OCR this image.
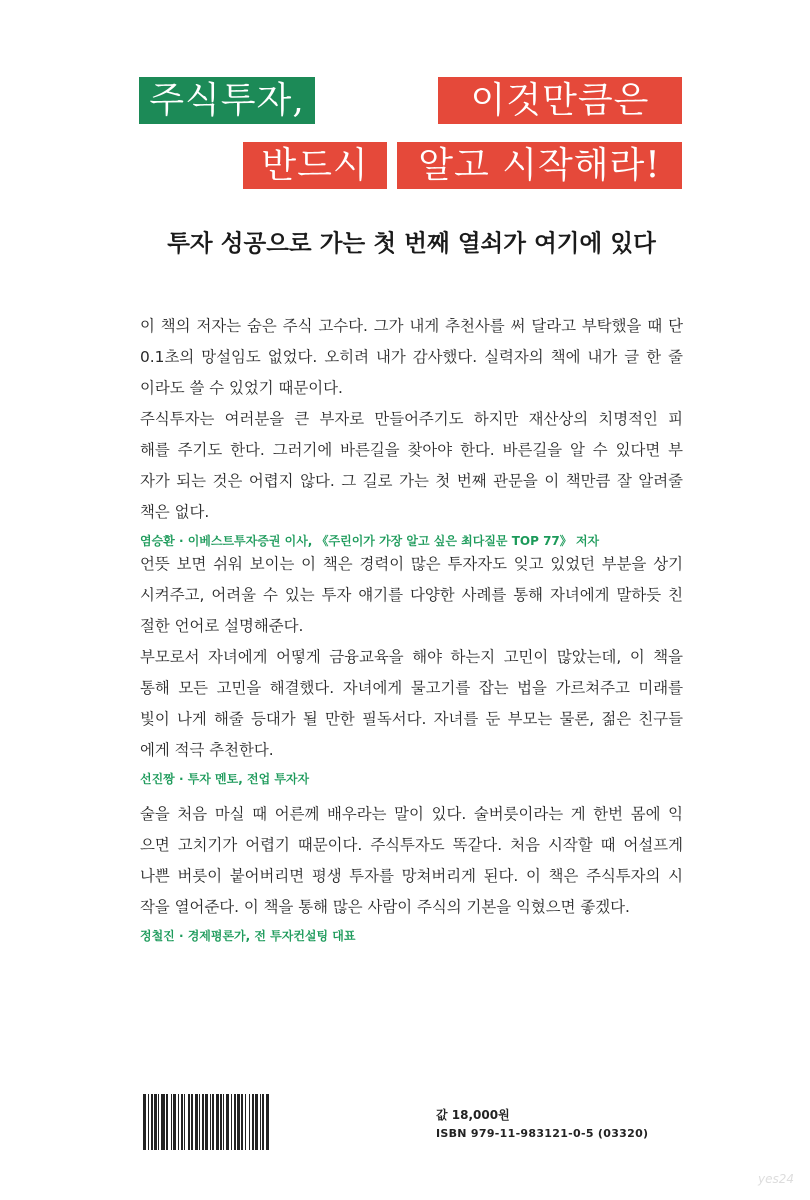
주식투자,	이것만큼은
반드시	알고 시작해라!
투자 성공으로 가는 첫 번째 열쇠가 여기에 있다
이 책의 저자는 숨은 주식 고수다. 그가 내게 추천사를 써 달라고 부탁했을 때 단
0.1초의 망설임도 없었다. 오히려 내가 감사했다. 실력자의 책에 내가 글 한 줄
이라도 쓸 수 있었기 때문이다.
주식투자는 여러분을 큰 부자로 만들어주기도 하지만 재산상의 치명적인 피
해를 주기도 한다. 그러기에 바른길을 찾아야 한다. 바른길을 알 수 있다면 부
자가 되는 것은 어렵지 않다. 그 길로 가는 첫 번째 관문을 이 책만큼 잘 알려줄
책은 없다.
염승환 · 이베스트투자증권 이사, 《주린이가 가장 알고 싶은 최다질문 TOP 77》 저자
언뜻 보면 쉬워 보이는 이 책은 경력이 많은 투자자도 잊고 있었던 부분을 상기
시켜주고, 어려울 수 있는 투자 얘기를 다양한 사례를 통해 자녀에게 말하듯 친
절한 언어로 설명해준다.
부모로서 자녀에게 어떻게 금융교육을 해야 하는지 고민이 많았는데, 이 책을
통해 모든 고민을 해결했다. 자녀에게 물고기를 잡는 법을 가르쳐주고 미래를
빛이 나게 해줄 등대가 될 만한 필독서다. 자녀를 둔 부모는 물론, 젊은 친구들
에게 적극 추천한다.
선진짱 · 투자 멘토, 전업 투자자
술을 처음 마실 때 어른께 배우라는 말이 있다. 술버릇이라는 게 한번 몸에 익
으면 고치기가 어렵기 때문이다. 주식투자도 똑같다. 처음 시작할 때 어설프게
나쁜 버릇이 붙어버리면 평생 투자를 망쳐버리게 된다. 이 책은 주식투자의 시
작을 열어준다. 이 책을 통해 많은 사람이 주식의 기본을 익혔으면 좋겠다.
정철진 · 경제평론가, 전 투자컨설팅 대표
값 18,000원
ISBN 979-11-983121-0-5 (03320)
yes24
